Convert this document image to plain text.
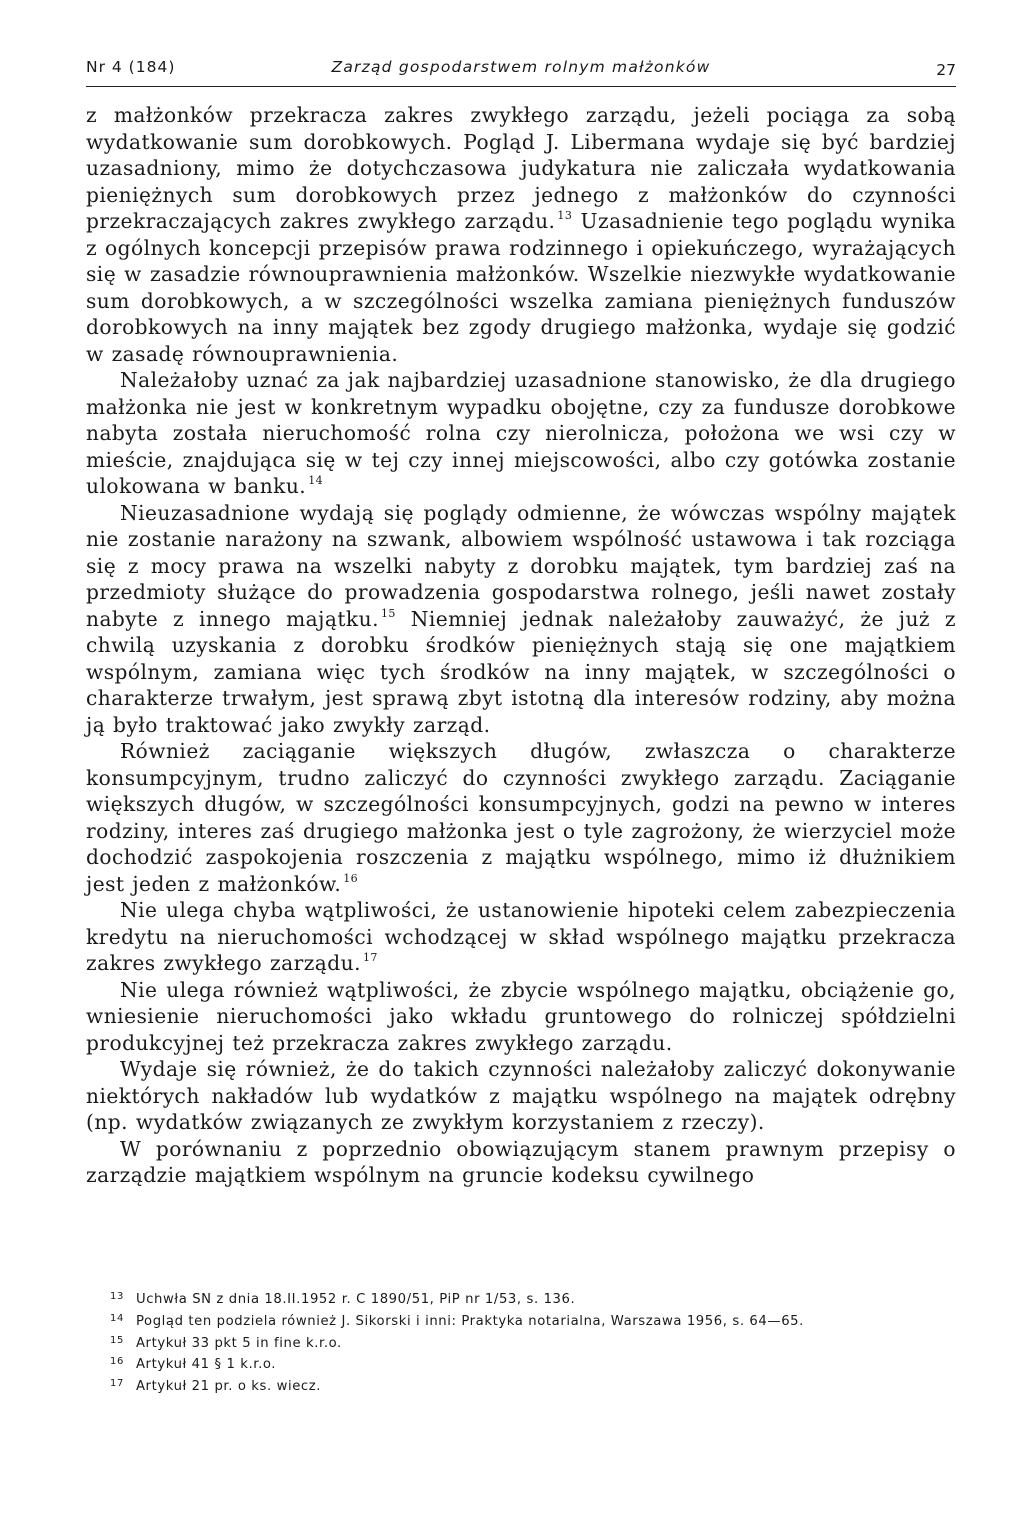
Nr 4 (184)	Zarząd gospodarstwem rolnym małżonków	27

z małżonków przekracza zakres zwykłego zarządu, jeżeli pociąga za sobą wydatkowanie sum dorobkowych. Pogląd J. Libermana wydaje się być bardziej uzasadniony, mimo że dotychczasowa judykatura nie zaliczała wydatkowania pieniężnych sum dorobkowych przez jednego z małżonków do czynności przekraczających zakres zwykłego zarządu. $^{13}$ Uzasadnienie tego poglądu wynika z ogólnych koncepcji przepisów prawa rodzinnego i opiekuńczego, wyrażających się w zasadzie równouprawnienia małżonków. Wszelkie niezwykłe wydatkowanie sum dorobkowych, a w szczególności wszelka zamiana pieniężnych funduszów dorobkowych na inny majątek bez zgody drugiego małżonka, wydaje się godzić w zasadę równouprawnienia.

Należałoby uznać za jak najbardziej uzasadnione stanowisko, że dla drugiego małżonka nie jest w konkretnym wypadku obojętne, czy za fundusze dorobkowe nabyta została nieruchomość rolna czy nierolnicza, położona we wsi czy w mieście, znajdująca się w tej czy innej miejscowości, albo czy gotówka zostanie ulokowana w banku. $^{14}$

Nieuzasadnione wydają się poglądy odmienne, że wówczas wspólny majątek nie zostanie narażony na szwank, albowiem wspólność ustawowa i tak rozciąga się z mocy prawa na wszelki nabyty z dorobku majątek, tym bardziej zaś na przedmioty służące do prowadzenia gospodarstwa rolnego, jeśli nawet zostały nabyte z innego majątku. $^{15}$ Niemniej jednak należałoby zauważyć, że już z chwilą uzyskania z dorobku środków pieniężnych stają się one majątkiem wspólnym, zamiana więc tych środków na inny majątek, w szczególności o charakterze trwałym, jest sprawą zbyt istotną dla interesów rodziny, aby można ją było traktować jako zwykły zarząd.

Również zaciąganie większych długów, zwłaszcza o charakterze konsumpcyjnym, trudno zaliczyć do czynności zwykłego zarządu. Zaciąganie większych długów, w szczególności konsumpcyjnych, godzi na pewno w interes rodziny, interes zaś drugiego małżonka jest o tyle zagrożony, że wierzyciel może dochodzić zaspokojenia roszczenia z majątku wspólnego, mimo iż dłużnikiem jest jeden z małżonków. $^{16}$

Nie ulega chyba wątpliwości, że ustanowienie hipoteki celem zabezpieczenia kredytu na nieruchomości wchodzącej w skład wspólnego majątku przekracza zakres zwykłego zarządu. $^{17}$

Nie ulega również wątpliwości, że zbycie wspólnego majątku, obciążenie go, wniesienie nieruchomości jako wkładu gruntowego do rolniczej spółdzielni produkcyjnej też przekracza zakres zwykłego zarządu.

Wydaje się również, że do takich czynności należałoby zaliczyć dokonywanie niektórych nakładów lub wydatków z majątku wspólnego na majątek odrębny (np. wydatków związanych ze zwykłym korzystaniem z rzeczy).

W porównaniu z poprzednio obowiązującym stanem prawnym przepisy o zarządzie majątkiem wspólnym na gruncie kodeksu cywilnego

$^{13}$ Uchwła SN z dnia 18.II.1952 r. C 1890/51, PiP nr 1/53, s. 136.

$^{14}$ Pogląd ten podziela również J. Sikorski i inni: Praktyka notarialna, Warszawa 1956, s. 64—65.

$^{15}$ Artykuł 33 pkt 5 in fine k.r.o.

$^{16}$ Artykuł 41 § 1 k.r.o.

$^{17}$ Artykuł 21 pr. o ks. wiecz.
